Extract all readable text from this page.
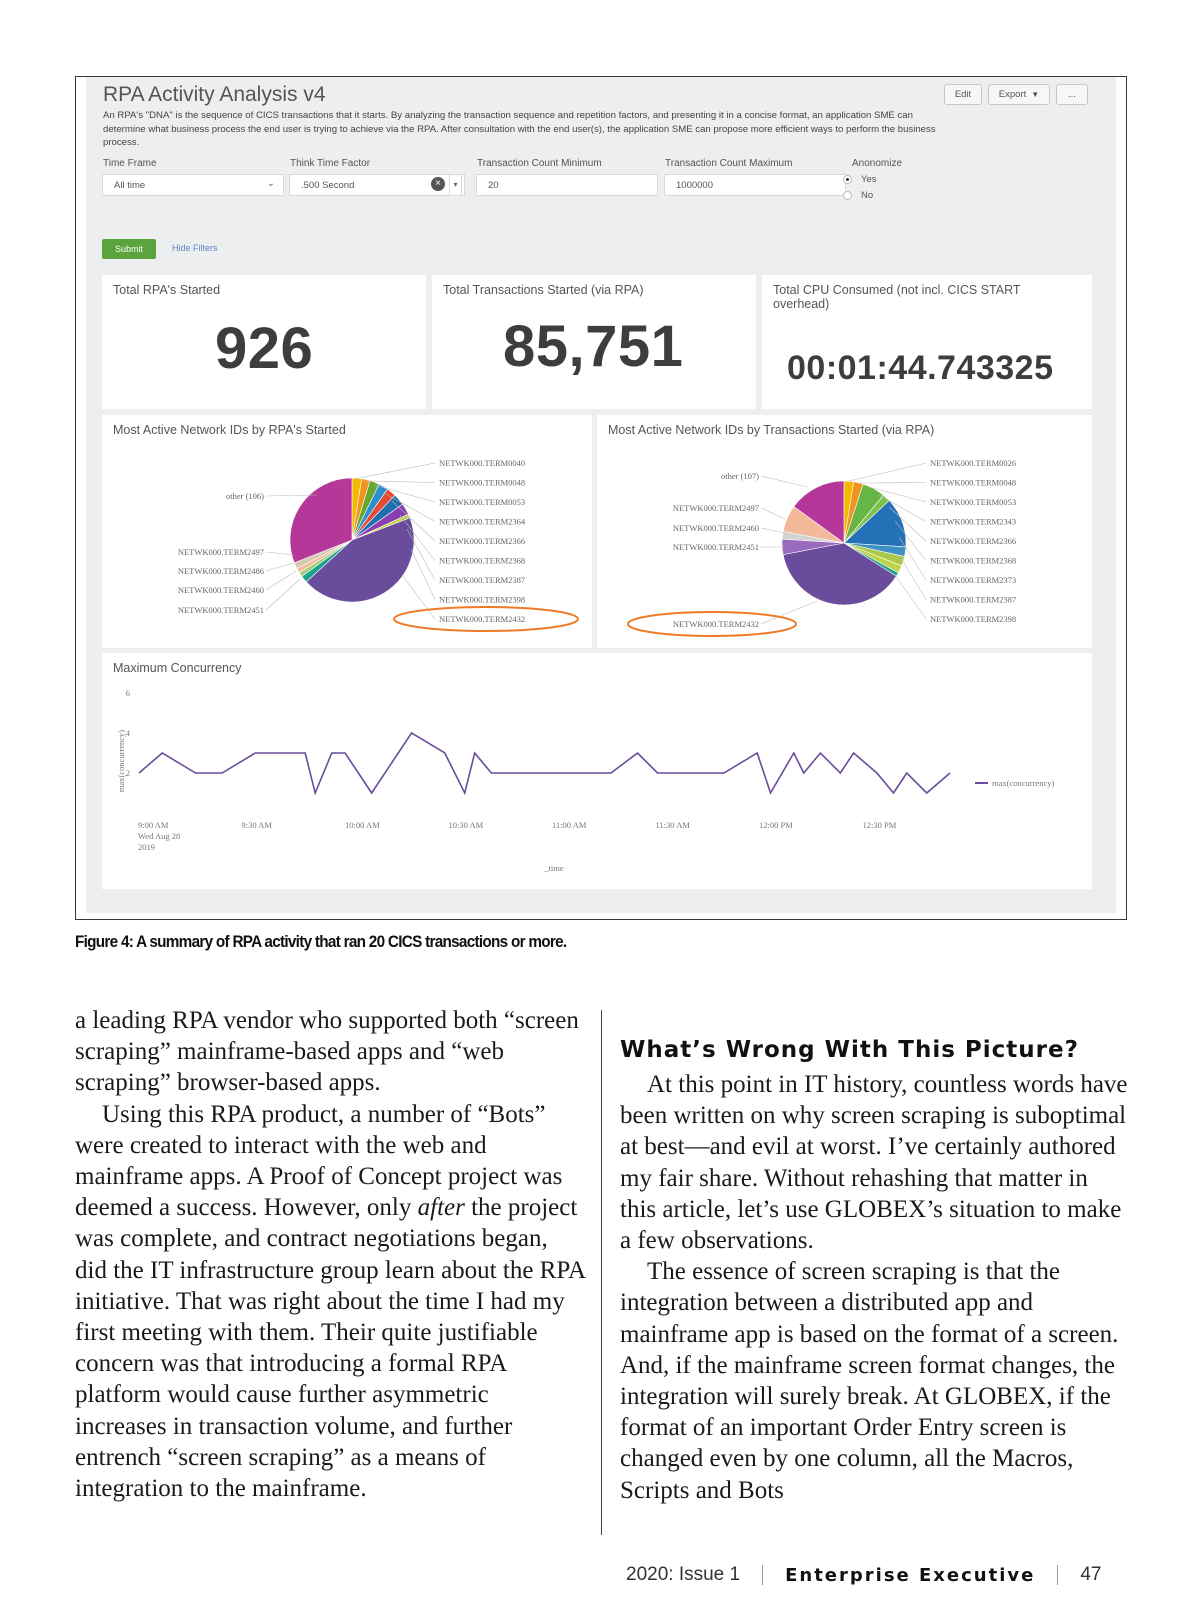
RPA Activity Analysis v4
An RPA's "DNA" is the sequence of CICS transactions that it starts. By analyzing the transaction sequence and repetition factors, and presenting it in a concise format, an application SME can determine what business process the end user is trying to achieve via the RPA. After consultation with the end user(s), the application SME can propose more efficient ways to perform the business process.
Edit	Export ▼	...
Time Frame
All time	⌄
Think Time Factor
.500 Second	×	▾
Transaction Count Minimum
20
Transaction Count Maximum
1000000
Anonomize
Yes
No
Submit	Hide Filters
Total RPA's Started
926
Total Transactions Started (via RPA)
85,751
Total CPU Consumed (not incl. CICS START overhead)
00:01:44.743325
Most Active Network IDs by RPA's Started
NETWK000.TERM0040
NETWK000.TERM0048
NETWK000.TERM0053
NETWK000.TERM2364
NETWK000.TERM2366
NETWK000.TERM2368
NETWK000.TERM2387
NETWK000.TERM2398
NETWK000.TERM2432
other (106)
NETWK000.TERM2497
NETWK000.TERM2486
NETWK000.TERM2460
NETWK000.TERM2451
Most Active Network IDs by Transactions Started (via RPA)
NETWK000.TERM0026
NETWK000.TERM0048
NETWK000.TERM0053
NETWK000.TERM2343
NETWK000.TERM2366
NETWK000.TERM2368
NETWK000.TERM2373
NETWK000.TERM2387
NETWK000.TERM2398
other (107)
NETWK000.TERM2497
NETWK000.TERM2460
NETWK000.TERM2451
NETWK000.TERM2432
Maximum Concurrency
2
4
6
max(concurrency)
9:00 AM	9:30 AM	10:00 AM	10:30 AM	11:00 AM	11:30 AM	12:00 PM	12:30 PM
Wed Aug 28
2019
_time
max(concurrency)
Figure 4: A summary of RPA activity that ran 20 CICS transactions or more.

a leading RPA vendor who supported both “screen scraping” mainframe-based apps and “web scraping” browser-based apps.

Using this RPA product, a number of “Bots” were created to interact with the web and mainframe apps. A Proof of Concept project was deemed a success. However, only after the project was complete, and contract negotiations began, did the IT infrastructure group learn about the RPA initiative. That was right about the time I had my first meeting with them. Their quite justifiable concern was that introducing a formal RPA platform would cause further asymmetric increases in transaction volume, and further entrench “screen scraping” as a means of integration to the mainframe.

What’s Wrong With This Picture?

At this point in IT history, countless words have been written on why screen scraping is suboptimal at best—and evil at worst. I’ve certainly authored my fair share. Without rehashing that matter in this article, let’s use GLOBEX’s situation to make a few observations.

The essence of screen scraping is that the integration between a distributed app and mainframe app is based on the format of a screen. And, if the mainframe screen format changes, the integration will surely break. At GLOBEX, if the format of an important Order Entry screen is changed even by one column, all the Macros, Scripts and Bots

2020: Issue 1	Enterprise Executive 47
